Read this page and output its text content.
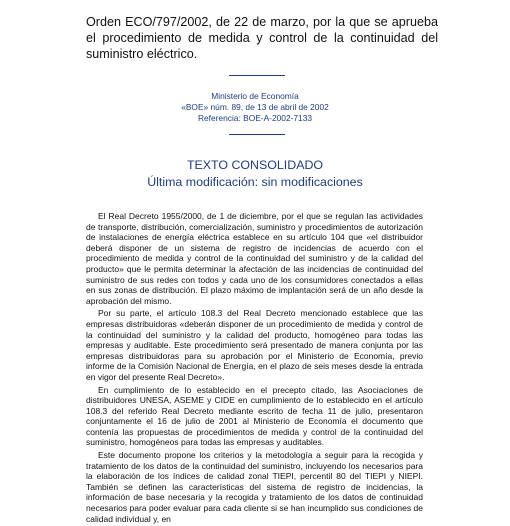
Orden ECO/797/2002, de 22 de marzo, por la que se aprueba el procedimiento de medida y control de la continuidad del suministro eléctrico.
Ministerio de Economía
«BOE» núm. 89, de 13 de abril de 2002
Referencia: BOE-A-2002-7133
TEXTO CONSOLIDADO
Última modificación: sin modificaciones

El Real Decreto 1955/2000, de 1 de diciembre, por el que se regulan las actividades de transporte, distribución, comercialización, suministro y procedimientos de autorización de instalaciones de energía eléctrica establece en su artículo 104 que «el distribuidor deberá disponer de un sistema de registro de incidencias de acuerdo con el procedimiento de medida y control de la continuidad del suministro y de la calidad del producto» que le permita determinar la afectación de las incidencias de continuidad del suministro de sus redes con todos y cada uno de los consumidores conectados a ellas en sus zonas de distribución. El plazo máximo de implantación será de un año desde la aprobación del mismo.

Por su parte, el artículo 108.3 del Real Decreto mencionado establece que las empresas distribuidoras «deberán disponer de un procedimiento de medida y control de la continuidad del suministro y la calidad del producto, homogéneo para todas las empresas y auditable. Este procedimiento será presentado de manera conjunta por las empresas distribuidoras para su aprobación por el Ministerio de Economía, previo informe de la Comisión Nacional de Energía, en el plazo de seis meses desde la entrada en vigor del presente Real Decreto».

En cumplimiento de lo establecido en el precepto citado, las Asociaciones de distribuidores UNESA, ASEME y CIDE en cumplimiento de lo establecido en el artículo 108.3 del referido Real Decreto mediante escrito de fecha 11 de julio, presentaron conjuntamente el 16 de julio de 2001 al Ministerio de Economía el documento que contenía las propuestas de procedimientos de medida y control de la continuidad del suministro, homogéneos para todas las empresas y auditables.

Este documento propone los criterios y la metodología a seguir para la recogida y tratamiento de los datos de la continuidad del suministro, incluyendo los necesarios para la elaboración de los índices de calidad zonal TIEPI, percentil 80 del TIEPI y NIEPI. También se definen las características del sistema de registro de incidencias, la información de base necesaria y la recogida y tratamiento de los datos de continuidad necesarios para poder evaluar para cada cliente si se han incumplido sus condiciones de calidad individual y, en
